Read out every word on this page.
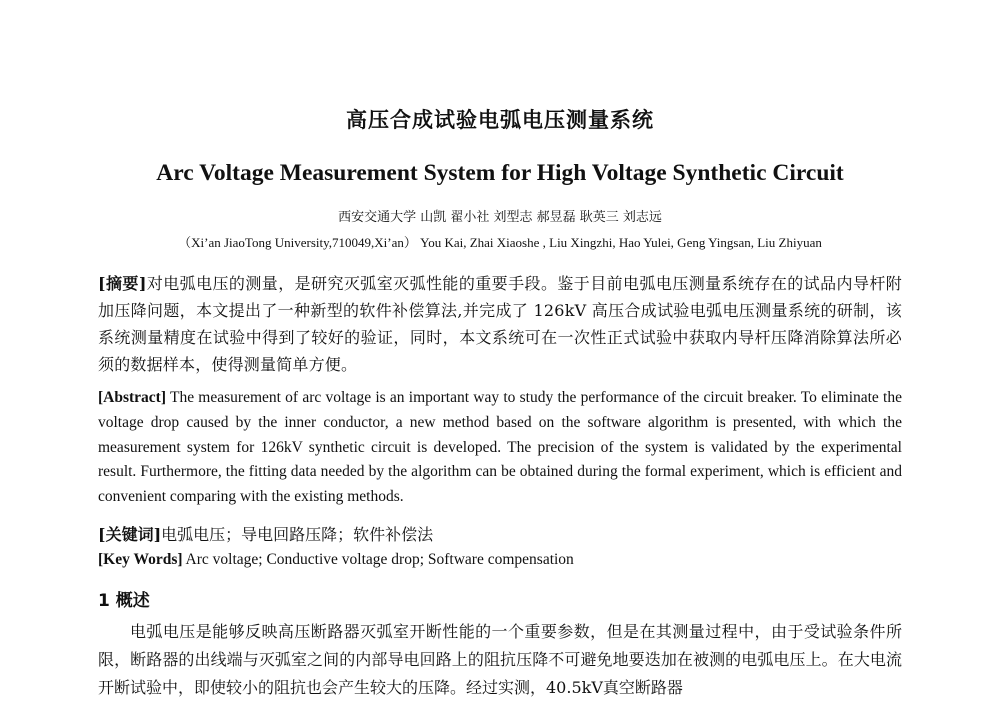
高压合成试验电弧电压测量系统
Arc Voltage Measurement System for High Voltage Synthetic Circuit
西安交通大学 山凯 翟小社 刘型志 郝昱磊 耿英三 刘志远
（Xi’an JiaoTong University,710049,Xi’an） You Kai, Zhai Xiaoshe , Liu Xingzhi, Hao Yulei, Geng Yingsan, Liu Zhiyuan

[摘要]对电弧电压的测量，是研究灭弧室灭弧性能的重要手段。鉴于目前电弧电压测量系统存在的试品内导杆附加压降问题，本文提出了一种新型的软件补偿算法,并完成了 126kV 高压合成试验电弧电压测量系统的研制，该系统测量精度在试验中得到了较好的验证，同时，本文系统可在一次性正式试验中获取内导杆压降消除算法所必须的数据样本，使得测量简单方便。

[Abstract] The measurement of arc voltage is an important way to study the performance of the circuit breaker. To eliminate the voltage drop caused by the inner conductor, a new method based on the software algorithm is presented, with which the measurement system for 126kV synthetic circuit is developed. The precision of the system is validated by the experimental result. Furthermore, the fitting data needed by the algorithm can be obtained during the formal experiment, which is efficient and convenient comparing with the existing methods.

[关键词]电弧电压；导电回路压降；软件补偿法

[Key Words] Arc voltage; Conductive voltage drop; Software compensation

1 概述

电弧电压是能够反映高压断路器灭弧室开断性能的一个重要参数，但是在其测量过程中，由于受试验条件所限，断路器的出线端与灭弧室之间的内部导电回路上的阻抗压降不可避免地要迭加在被测的电弧电压上。在大电流开断试验中，即使较小的阻抗也会产生较大的压降。经过实测，40.5kV真空断路器
